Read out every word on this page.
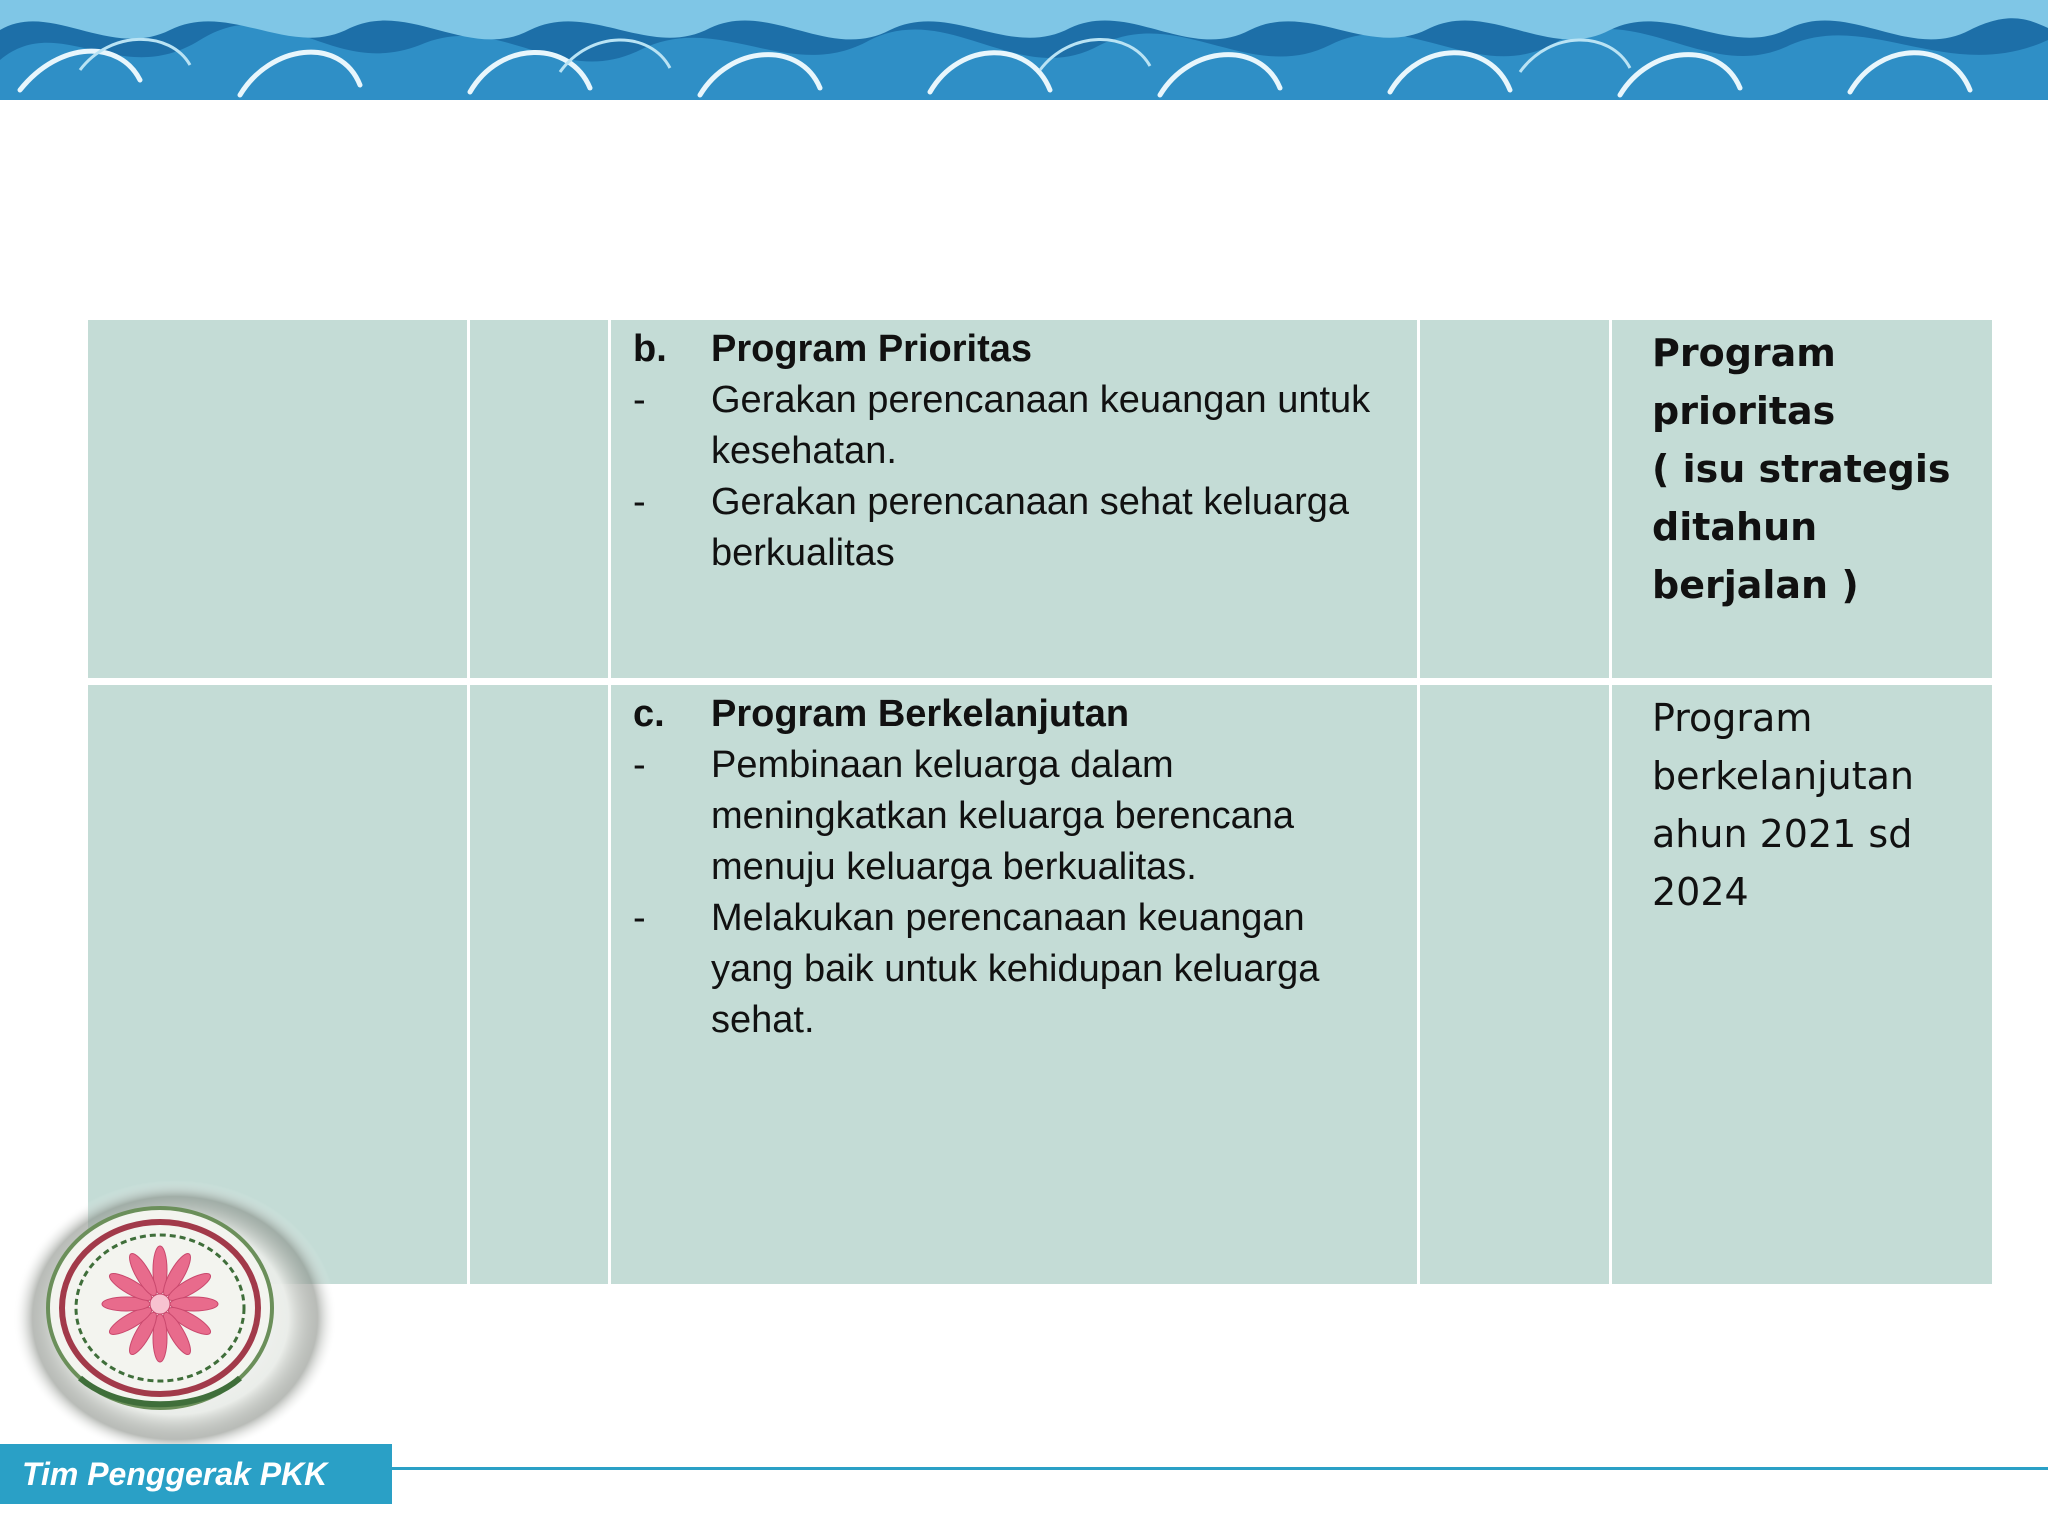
b. Program Prioritas
- Gerakan perencanaan keuangan untuk
kesehatan.
- Gerakan perencanaan sehat keluarga
berkualitas
Program prioritas
( isu strategis
ditahun berjalan )
c. Program Berkelanjutan
- Pembinaan keluarga dalam
meningkatkan keluarga berencana
menuju keluarga berkualitas.
- Melakukan perencanaan keuangan
yang baik untuk kehidupan keluarga
sehat.
Program
berkelanjutan
ahun 2021 sd
2024
Tim Penggerak PKK
